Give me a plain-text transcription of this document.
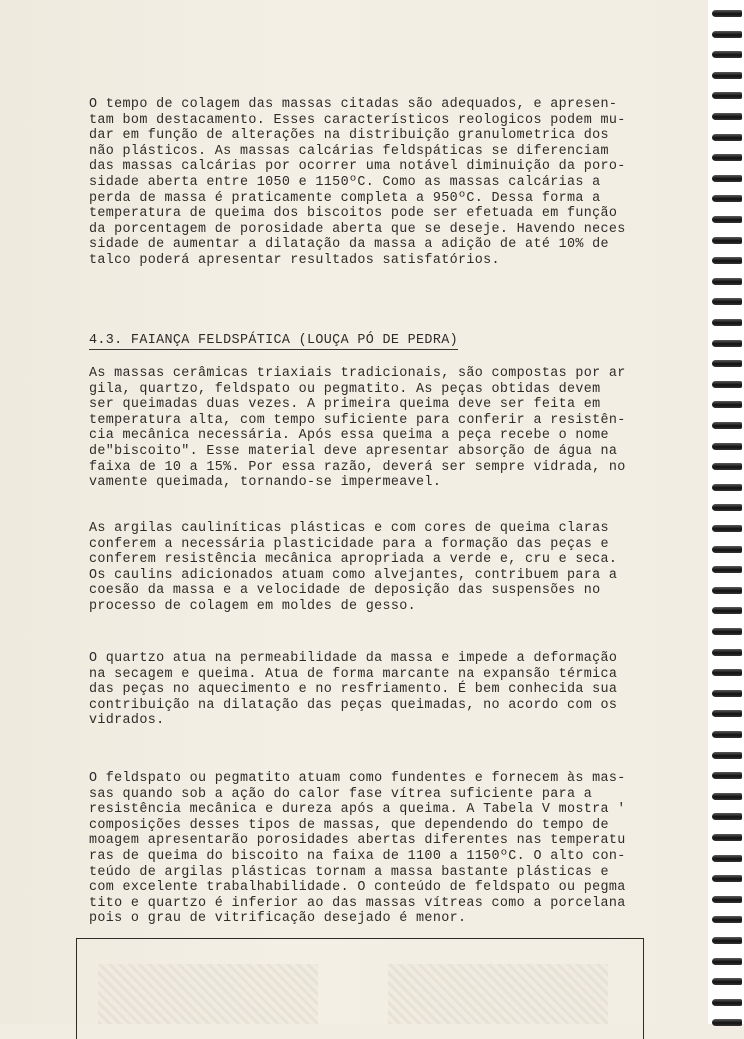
O tempo de colagem das massas citadas são adequados, e apresen-
tam bom destacamento. Esses característicos reologicos podem mu-
dar em função de alterações na distribuição granulometrica dos
não plásticos. As massas calcárias feldspáticas se diferenciam
das massas calcárias por ocorrer uma notável diminuição da poro-
sidade aberta entre 1050 e 1150ºC. Como as massas calcárias a
perda de massa é praticamente completa a 950ºC. Dessa forma a
temperatura de queima dos biscoitos pode ser efetuada em função
da porcentagem de porosidade aberta que se deseje. Havendo neces
sidade de aumentar a dilatação da massa a adição de até 10% de
talco poderá apresentar resultados satisfatórios.
4.3. FAIANÇA FELDSPÁTICA (LOUÇA PÓ DE PEDRA)
As massas cerâmicas triaxiais tradicionais, são compostas por ar
gila, quartzo, feldspato ou pegmatito. As peças obtidas devem
ser queimadas duas vezes. A primeira queima deve ser feita em
temperatura alta, com tempo suficiente para conferir a resistên-
cia mecânica necessária. Após essa queima a peça recebe o nome
de"biscoito". Esse material deve apresentar absorção de água na
faixa de 10 a 15%. Por essa razão, deverá ser sempre vidrada, no
vamente queimada, tornando-se impermeavel.
As argilas cauliníticas plásticas e com cores de queima claras
conferem a necessária plasticidade para a formação das peças e
conferem resistência mecânica apropriada a verde e, cru e seca.
Os caulins adicionados atuam como alvejantes, contribuem para a
coesão da massa e a velocidade de deposição das suspensões no
processo de colagem em moldes de gesso.
O quartzo atua na permeabilidade da massa e impede a deformação
na secagem e queima. Atua de forma marcante na expansão térmica
das peças no aquecimento e no resfriamento. É bem conhecida sua
contribuição na dilatação das peças queimadas, no acordo com os
vidrados.
O feldspato ou pegmatito atuam como fundentes e fornecem às mas-
sas quando sob a ação do calor fase vítrea suficiente para a
resistência mecânica e dureza após a queima. A Tabela V mostra '
composições desses tipos de massas, que dependendo do tempo de
moagem apresentarão porosidades abertas diferentes nas temperatu
ras de queima do biscoito na faixa de 1100 a 1150ºC. O alto con-
teúdo de argilas plásticas tornam a massa bastante plásticas e
com excelente trabalhabilidade. O conteúdo de feldspato ou pegma
tito e quartzo é inferior ao das massas vítreas como a porcelana
pois o grau de vitrificação desejado é menor.
